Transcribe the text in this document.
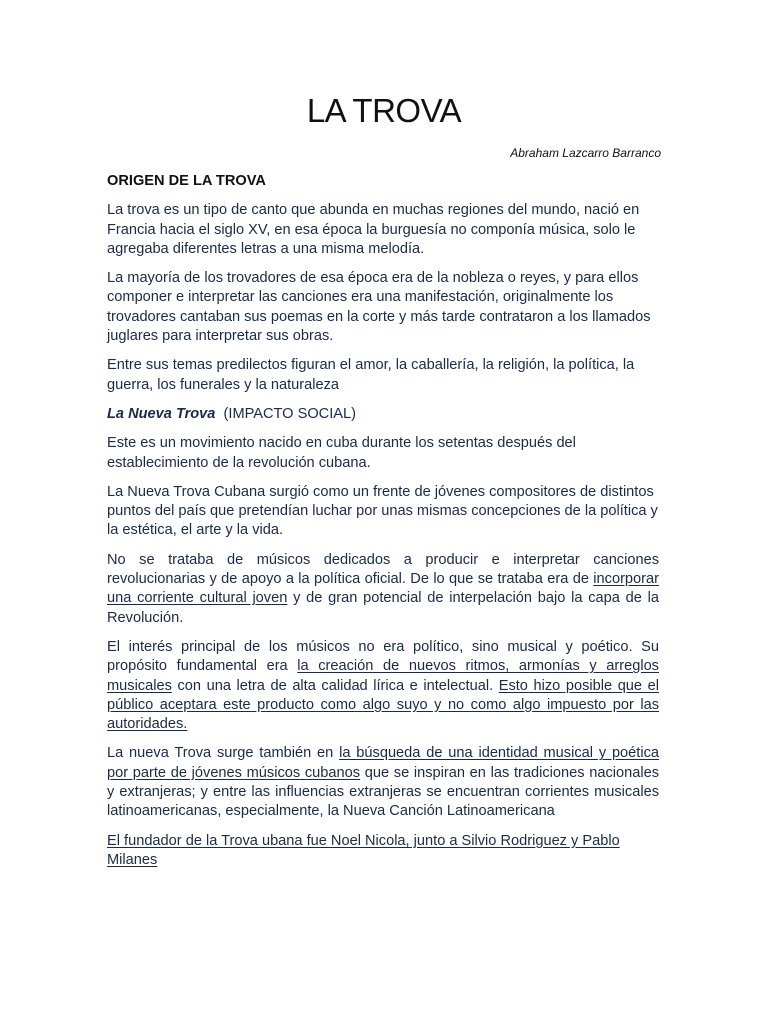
LA TROVA
Abraham Lazcarro Barranco

ORIGEN DE LA TROVA

La trova es un tipo de canto que abunda en muchas regiones del mundo, nació en Francia hacia el siglo XV, en esa época la burguesía no componía música, solo le agregaba diferentes letras a una misma melodía.

La mayoría de los trovadores de esa época era de la nobleza o reyes, y para ellos componer e interpretar las canciones era una manifestación, originalmente los trovadores cantaban sus poemas en la corte y más tarde contrataron a los llamados juglares para interpretar sus obras.

Entre sus temas predilectos figuran el amor, la caballería, la religión, la política, la guerra, los funerales y la naturaleza

La Nueva Trova (IMPACTO SOCIAL)

Este es un movimiento nacido en cuba durante los setentas después del establecimiento de la revolución cubana.

La Nueva Trova Cubana surgió como un frente de jóvenes compositores de distintos puntos del país que pretendían luchar por unas mismas concepciones de la política y la estética, el arte y la vida.

No se trataba de músicos dedicados a producir e interpretar canciones revolucionarias y de apoyo a la política oficial. De lo que se trataba era de incorporar una corriente cultural joven y de gran potencial de interpelación bajo la capa de la Revolución.

El interés principal de los músicos no era político, sino musical y poético. Su propósito fundamental era la creación de nuevos ritmos, armonías y arreglos musicales con una letra de alta calidad lírica e intelectual. Esto hizo posible que el público aceptara este producto como algo suyo y no como algo impuesto por las autoridades.

La nueva Trova surge también en la búsqueda de una identidad musical y poética por parte de jóvenes músicos cubanos que se inspiran en las tradiciones nacionales y extranjeras; y entre las influencias extranjeras se encuentran corrientes musicales latinoamericanas, especialmente, la Nueva Canción Latinoamericana

El fundador de la Trova ubana fue Noel Nicola, junto a Silvio Rodriguez y Pablo Milanes
